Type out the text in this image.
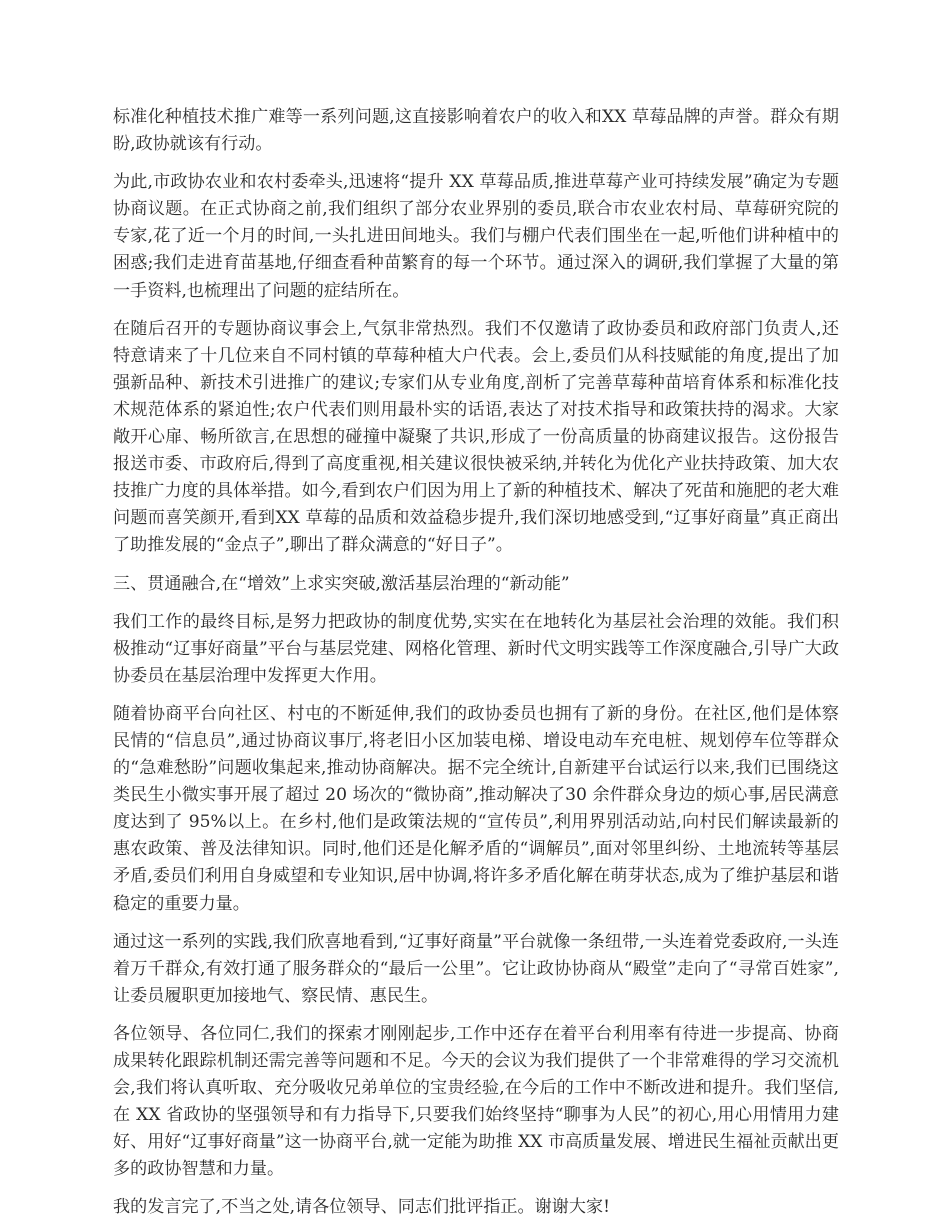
标准化种植技术推广难等一系列问题,这直接影响着农户的收入和XX 草莓品牌的声誉。群众有期盼,政协就该有行动。

为此,市政协农业和农村委牵头,迅速将“提升 XX 草莓品质,推进草莓产业可持续发展”确定为专题协商议题。在正式协商之前,我们组织了部分农业界别的委员,联合市农业农村局、草莓研究院的专家,花了近一个月的时间,一头扎进田间地头。我们与棚户代表们围坐在一起,听他们讲种植中的困惑;我们走进育苗基地,仔细查看种苗繁育的每一个环节。通过深入的调研,我们掌握了大量的第一手资料,也梳理出了问题的症结所在。

在随后召开的专题协商议事会上,气氛非常热烈。我们不仅邀请了政协委员和政府部门负责人,还特意请来了十几位来自不同村镇的草莓种植大户代表。会上,委员们从科技赋能的角度,提出了加强新品种、新技术引进推广的建议;专家们从专业角度,剖析了完善草莓种苗培育体系和标准化技术规范体系的紧迫性;农户代表们则用最朴实的话语,表达了对技术指导和政策扶持的渴求。大家敞开心扉、畅所欲言,在思想的碰撞中凝聚了共识,形成了一份高质量的协商建议报告。这份报告报送市委、市政府后,得到了高度重视,相关建议很快被采纳,并转化为优化产业扶持政策、加大农技推广力度的具体举措。如今,看到农户们因为用上了新的种植技术、解决了死苗和施肥的老大难问题而喜笑颜开,看到XX 草莓的品质和效益稳步提升,我们深切地感受到,“辽事好商量”真正商出了助推发展的“金点子”,聊出了群众满意的“好日子”。

三、贯通融合,在“增效”上求实突破,激活基层治理的“新动能”

我们工作的最终目标,是努力把政协的制度优势,实实在在地转化为基层社会治理的效能。我们积极推动“辽事好商量”平台与基层党建、网格化管理、新时代文明实践等工作深度融合,引导广大政协委员在基层治理中发挥更大作用。

随着协商平台向社区、村屯的不断延伸,我们的政协委员也拥有了新的身份。在社区,他们是体察民情的“信息员”,通过协商议事厅,将老旧小区加装电梯、增设电动车充电桩、规划停车位等群众的“急难愁盼”问题收集起来,推动协商解决。据不完全统计,自新建平台试运行以来,我们已围绕这类民生小微实事开展了超过 20 场次的“微协商”,推动解决了30 余件群众身边的烦心事,居民满意度达到了 95%以上。在乡村,他们是政策法规的“宣传员”,利用界别活动站,向村民们解读最新的惠农政策、普及法律知识。同时,他们还是化解矛盾的“调解员”,面对邻里纠纷、土地流转等基层矛盾,委员们利用自身威望和专业知识,居中协调,将许多矛盾化解在萌芽状态,成为了维护基层和谐稳定的重要力量。

通过这一系列的实践,我们欣喜地看到,“辽事好商量”平台就像一条纽带,一头连着党委政府,一头连着万千群众,有效打通了服务群众的“最后一公里”。它让政协协商从“殿堂”走向了“寻常百姓家”,让委员履职更加接地气、察民情、惠民生。

各位领导、各位同仁,我们的探索才刚刚起步,工作中还存在着平台利用率有待进一步提高、协商成果转化跟踪机制还需完善等问题和不足。今天的会议为我们提供了一个非常难得的学习交流机会,我们将认真听取、充分吸收兄弟单位的宝贵经验,在今后的工作中不断改进和提升。我们坚信,在 XX 省政协的坚强领导和有力指导下,只要我们始终坚持“聊事为人民”的初心,用心用情用力建好、用好“辽事好商量”这一协商平台,就一定能为助推 XX 市高质量发展、增进民生福祉贡献出更多的政协智慧和力量。

我的发言完了,不当之处,请各位领导、同志们批评指正。谢谢大家!
